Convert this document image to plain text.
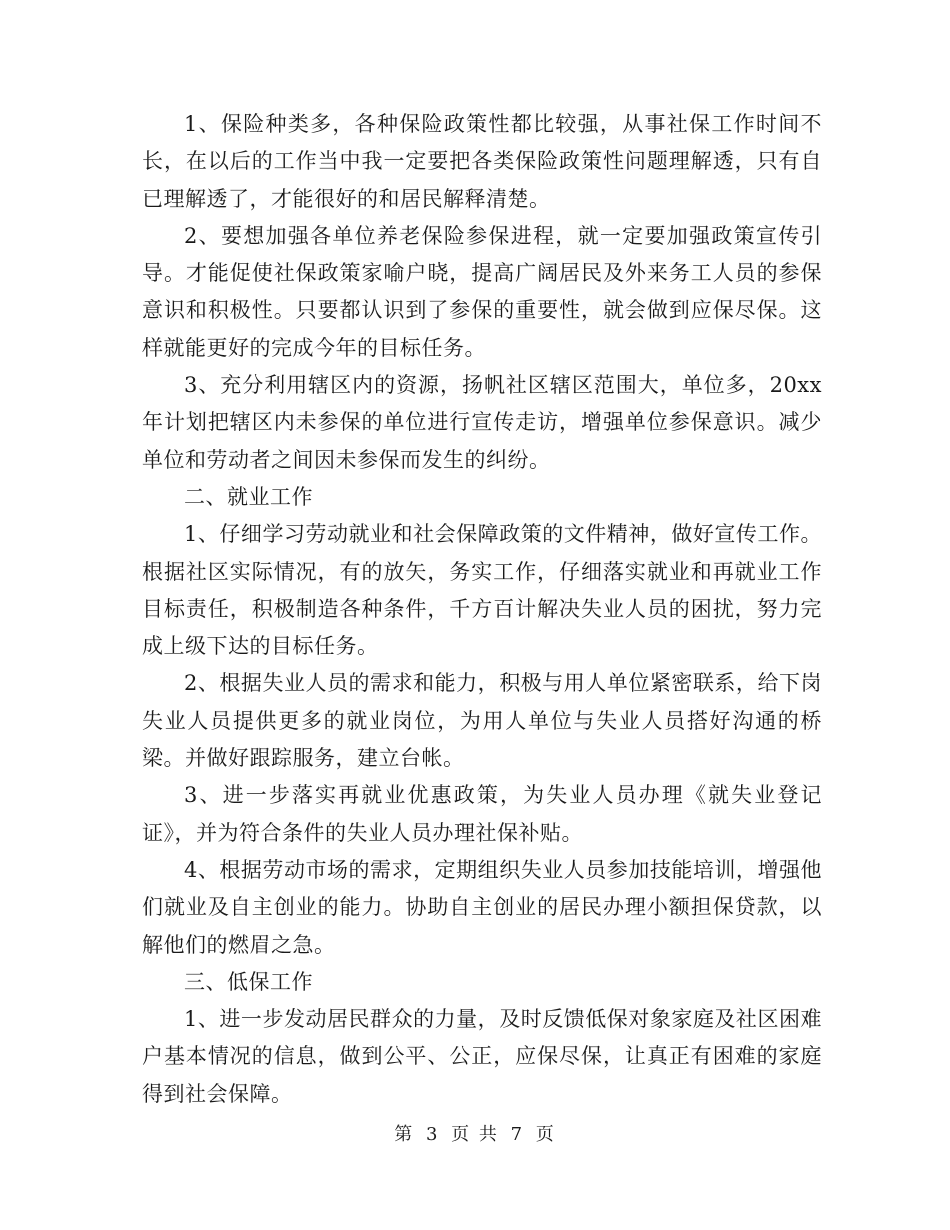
1、保险种类多，各种保险政策性都比较强，从事社保工作时间不长，在以后的工作当中我一定要把各类保险政策性问题理解透，只有自已理解透了，才能很好的和居民解释清楚。

2、要想加强各单位养老保险参保进程，就一定要加强政策宣传引导。才能促使社保政策家喻户晓，提高广阔居民及外来务工人员的参保意识和积极性。只要都认识到了参保的重要性，就会做到应保尽保。这样就能更好的完成今年的目标任务。

3、充分利用辖区内的资源，扬帆社区辖区范围大，单位多，20xx年计划把辖区内未参保的单位进行宣传走访，增强单位参保意识。减少单位和劳动者之间因未参保而发生的纠纷。

二、就业工作

1、仔细学习劳动就业和社会保障政策的文件精神，做好宣传工作。根据社区实际情况，有的放矢，务实工作，仔细落实就业和再就业工作目标责任，积极制造各种条件，千方百计解决失业人员的困扰，努力完成上级下达的目标任务。

2、根据失业人员的需求和能力，积极与用人单位紧密联系，给下岗失业人员提供更多的就业岗位，为用人单位与失业人员搭好沟通的桥梁。并做好跟踪服务，建立台帐。

3、进一步落实再就业优惠政策，为失业人员办理《就失业登记证》，并为符合条件的失业人员办理社保补贴。

4、根据劳动市场的需求，定期组织失业人员参加技能培训，增强他们就业及自主创业的能力。协助自主创业的居民办理小额担保贷款，以解他们的燃眉之急。

三、低保工作

1、进一步发动居民群众的力量，及时反馈低保对象家庭及社区困难户基本情况的信息，做到公平、公正，应保尽保，让真正有困难的家庭得到社会保障。

第 3 页 共 7 页
